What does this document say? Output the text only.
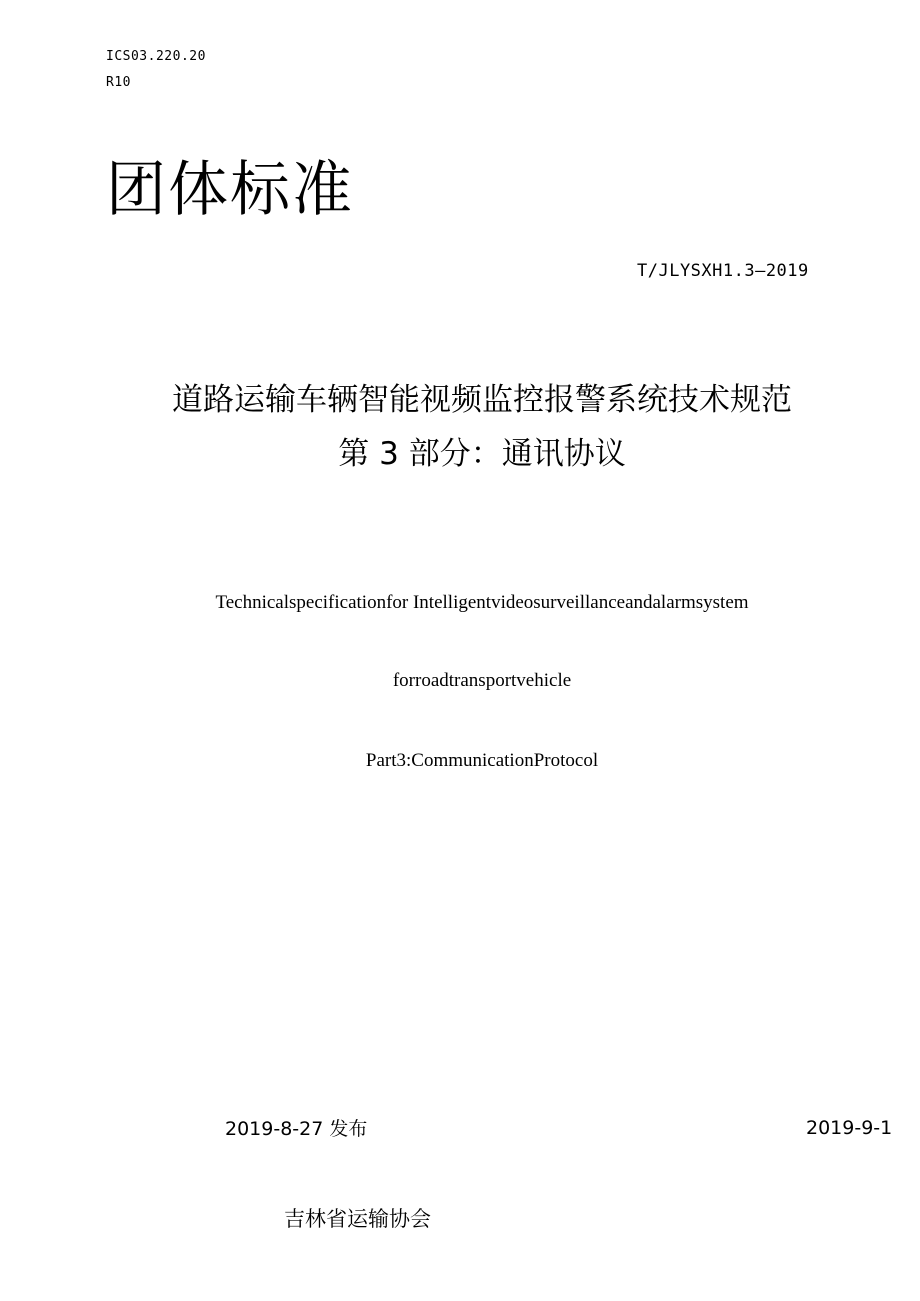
ICS03.220.20
R10
团体标准
T/JLYSXH1.3—2019
道路运输车辆智能视频监控报警系统技术规范
第 3 部分：通讯协议
Technicalspecificationfor Intelligentvideosurveillanceandalarmsystem
forroadtransportvehicle
Part3:CommunicationProtocol
2019-8-27 发布	2019-9-1
吉林省运输协会
